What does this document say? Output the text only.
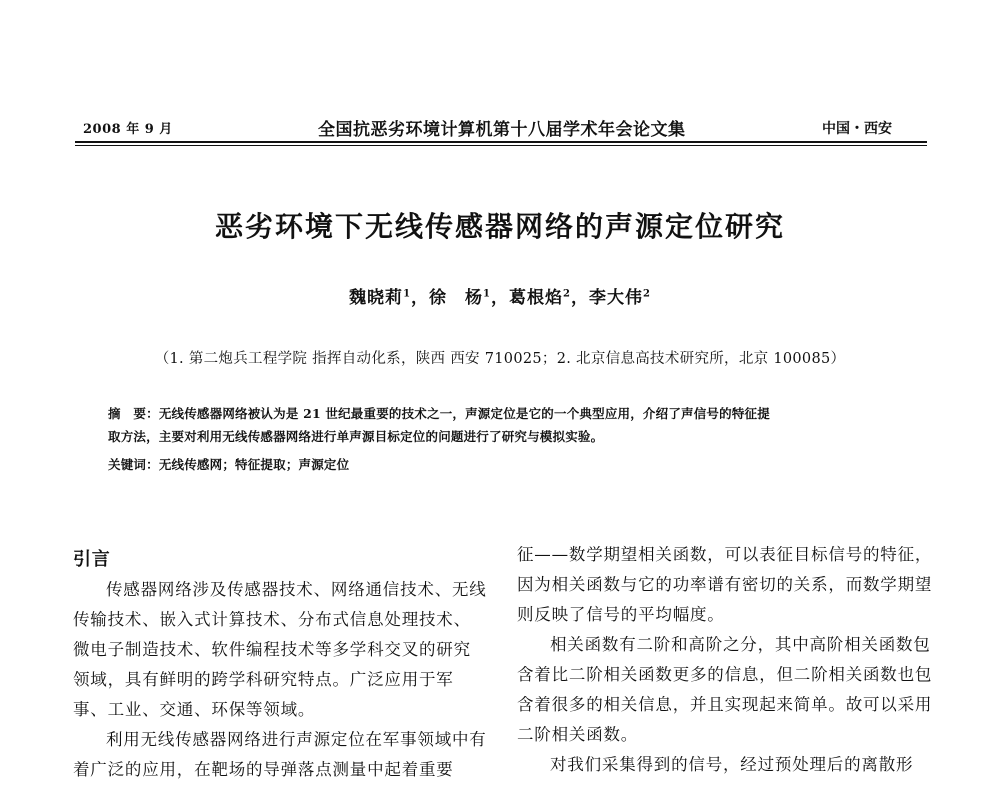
2008 年 9 月	全国抗恶劣环境计算机第十八届学术年会论文集	中国・西安
恶劣环境下无线传感器网络的声源定位研究
魏晓莉$^1$，徐　杨$^1$，葛根焰$^2$，李大伟$^2$
（1. 第二炮兵工程学院 指挥自动化系，陕西 西安 710025；2. 北京信息高技术研究所，北京 100085）
摘　要：无线传感器网络被认为是 21 世纪最重要的技术之一，声源定位是它的一个典型应用，介绍了声信号的特征提
取方法，主要对利用无线传感器网络进行单声源目标定位的问题进行了研究与模拟实验。
关键词：无线传感网；特征提取；声源定位

引言

传感器网络涉及传感器技术、网络通信技术、无线传输技术、嵌入式计算技术、分布式信息处理技术、微电子制造技术、软件编程技术等多学科交叉的研究领域，具有鲜明的跨学科研究特点。广泛应用于军事、工业、交通、环保等领域。

利用无线传感器网络进行声源定位在军事领域中有着广泛的应用，在靶场的导弹落点测量中起着重要

征——数学期望相关函数，可以表征目标信号的特征，因为相关函数与它的功率谱有密切的关系，而数学期望则反映了信号的平均幅度。

相关函数有二阶和高阶之分，其中高阶相关函数包含着比二阶相关函数更多的信息，但二阶相关函数也包含着很多的相关信息，并且实现起来简单。故可以采用二阶相关函数。

对我们采集得到的信号，经过预处理后的离散形
